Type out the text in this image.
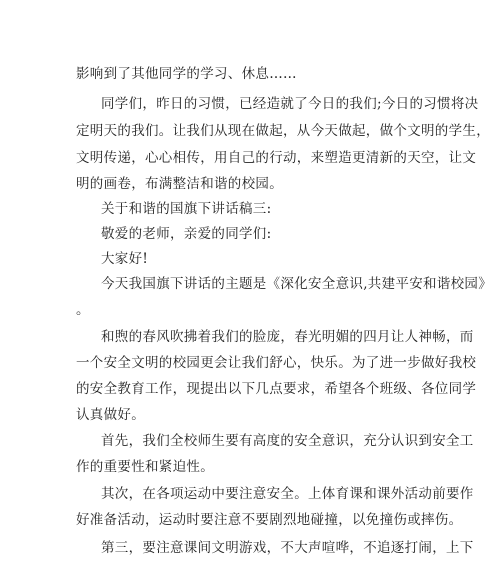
影响到了其他同学的学习、休息……
同学们，昨日的习惯，已经造就了今日的我们;今日的习惯将决
定明天的我们。让我们从现在做起，从今天做起，做个文明的学生，
文明传递，心心相传，用自己的行动，来塑造更清新的天空，让文
明的画卷，布满整洁和谐的校园。
关于和谐的国旗下讲话稿三:
敬爱的老师，亲爱的同学们:
大家好!
今天我国旗下讲话的主题是《深化安全意识,共建平安和谐校园》
。
和煦的春风吹拂着我们的脸庞，春光明媚的四月让人神畅，而
一个安全文明的校园更会让我们舒心，快乐。为了进一步做好我校
的安全教育工作，现提出以下几点要求，希望各个班级、各位同学
认真做好。
首先，我们全校师生要有高度的安全意识，充分认识到安全工
作的重要性和紧迫性。
其次，在各项运动中要注意安全。上体育课和课外活动前要作
好准备活动，运动时要注意不要剧烈地碰撞，以免撞伤或摔伤。
第三，要注意课间文明游戏，不大声喧哗，不追逐打闹，上下
